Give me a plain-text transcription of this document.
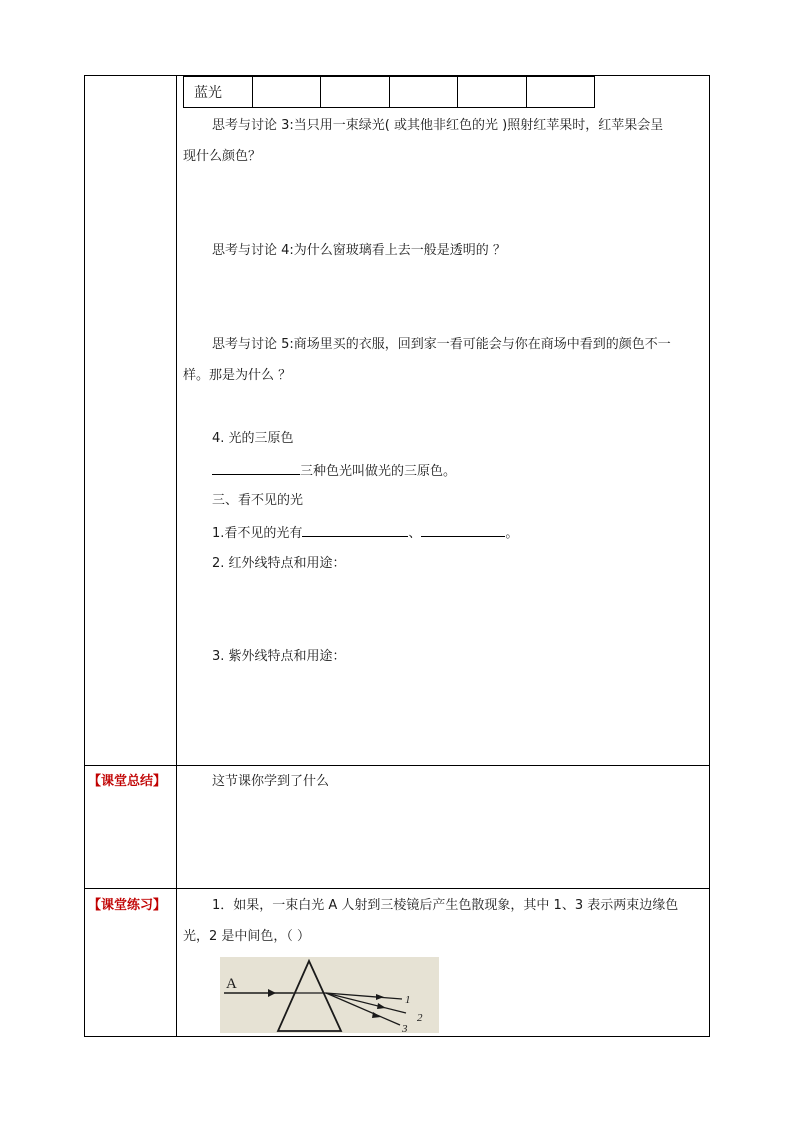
蓝光					
思考与讨论 3:当只用一束绿光( 或其他非红色的光 )照射红苹果时，红苹果会呈
现什么颜色？
思考与讨论 4:为什么窗玻璃看上去一般是透明的 ？
思考与讨论 5:商场里买的衣服，回到家一看可能会与你在商场中看到的颜色不一
样。那是为什么 ？
4. 光的三原色
三种色光叫做光的三原色。
三、看不见的光
1.看不见的光有	、	。
2. 红外线特点和用途：
3. 紫外线特点和用途：
【课堂总结】	这节课你学到了什么
【课堂练习】	1．如果，一束白光 A 人射到三棱镜后产生色散现象，其中 1、3 表示两束边缘色
光，2 是中间色，（ ）
A
1
2
3
